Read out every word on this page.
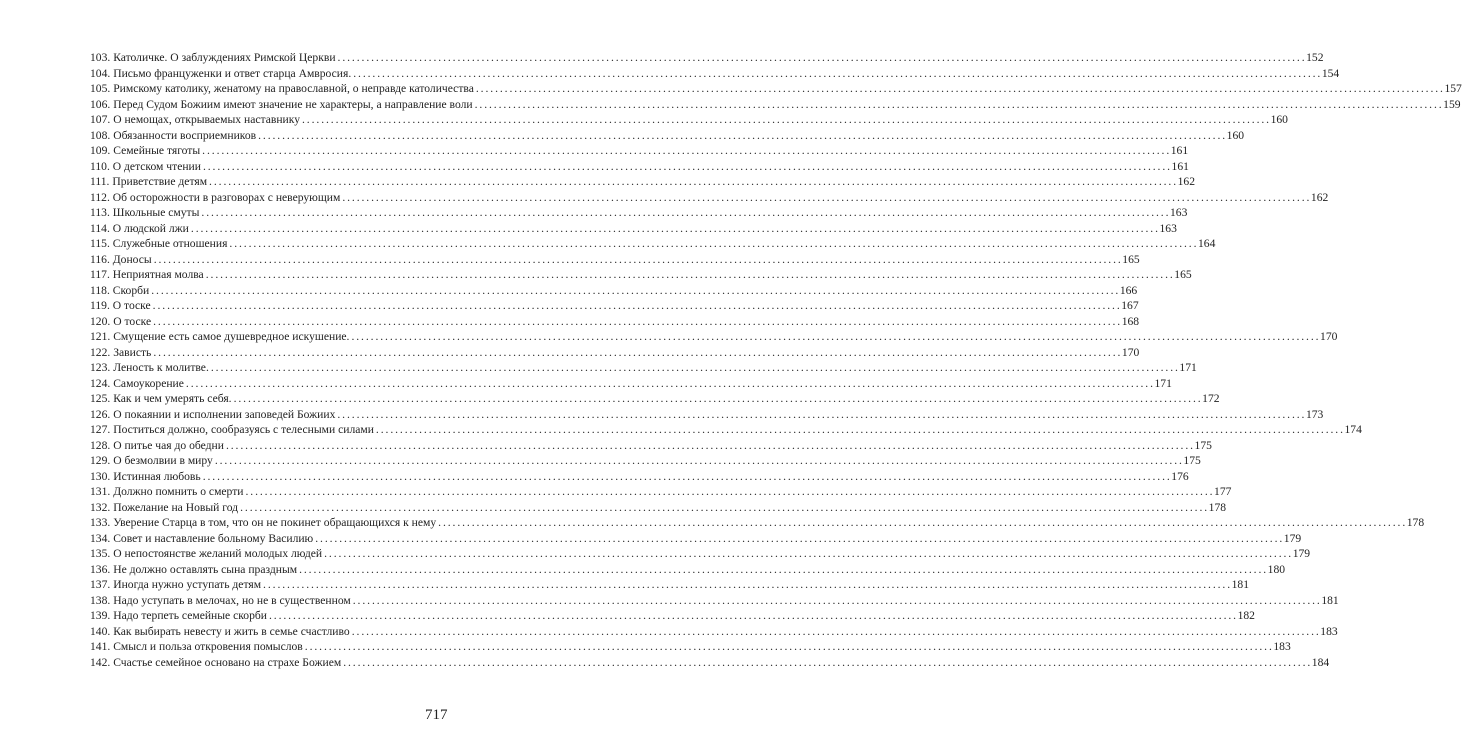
103. Католичке. О заблуждениях Римской Церкви . . .	152
104. Письмо француженки и ответ старца Амвросия. . . .	154
105. Римскому католику, женатому на православной, о неправде католичества . . .	157
106. Перед Судом Божиим имеют значение не характеры, а направление воли . . .	159
107. О немощах, открываемых наставнику . . .	160
108. Обязанности восприемников . . .	160
109. Семейные тяготы . . .	161
110. О детском чтении . . .	161
111. Приветствие детям . . .	162
112. Об осторожности в разговорах с неверующим . . .	162
113. Школьные смуты . . .	163
114. О людской лжи . . .	163
115. Служебные отношения . . .	164
116. Доносы . . .	165
117. Неприятная молва . . .	165
118. Скорби . . .	166
119. О тоске . . .	167
120. О тоске . . .	168
121. Смущение есть самое душевредное искушение. . . .	170
122. Зависть . . .	170
123. Леность к молитве. . . .	171
124. Самоукорение . . .	171
125. Как и чем умерять себя. . . .	172
126. О покаянии и исполнении заповедей Божиих . . .	173
127. Поститься должно, сообразуясь с телесными силами . . .	174
128. О питье чая до обедни . . .	175
129. О безмолвии в миру . . .	175
130. Истинная любовь . . .	176
131. Должно помнить о смерти . . .	177
132. Пожелание на Новый год . . .	178
133. Уверение Старца в том, что он не покинет обращающихся к нему . . .	178
134. Совет и наставление больному Василию . . .	179
135. О непостоянстве желаний молодых людей . . .	179
136. Не должно оставлять сына праздным . . .	180
137. Иногда нужно уступать детям . . .	181
138. Надо уступать в мелочах, но не в существенном . . .	181
139. Надо терпеть семейные скорби . . .	182
140. Как выбирать невесту и жить в семье счастливо . . .	183
141. Смысл и польза откровения помыслов . . .	183
142. Счастье семейное основано на страхе Божием . . .	184
717
